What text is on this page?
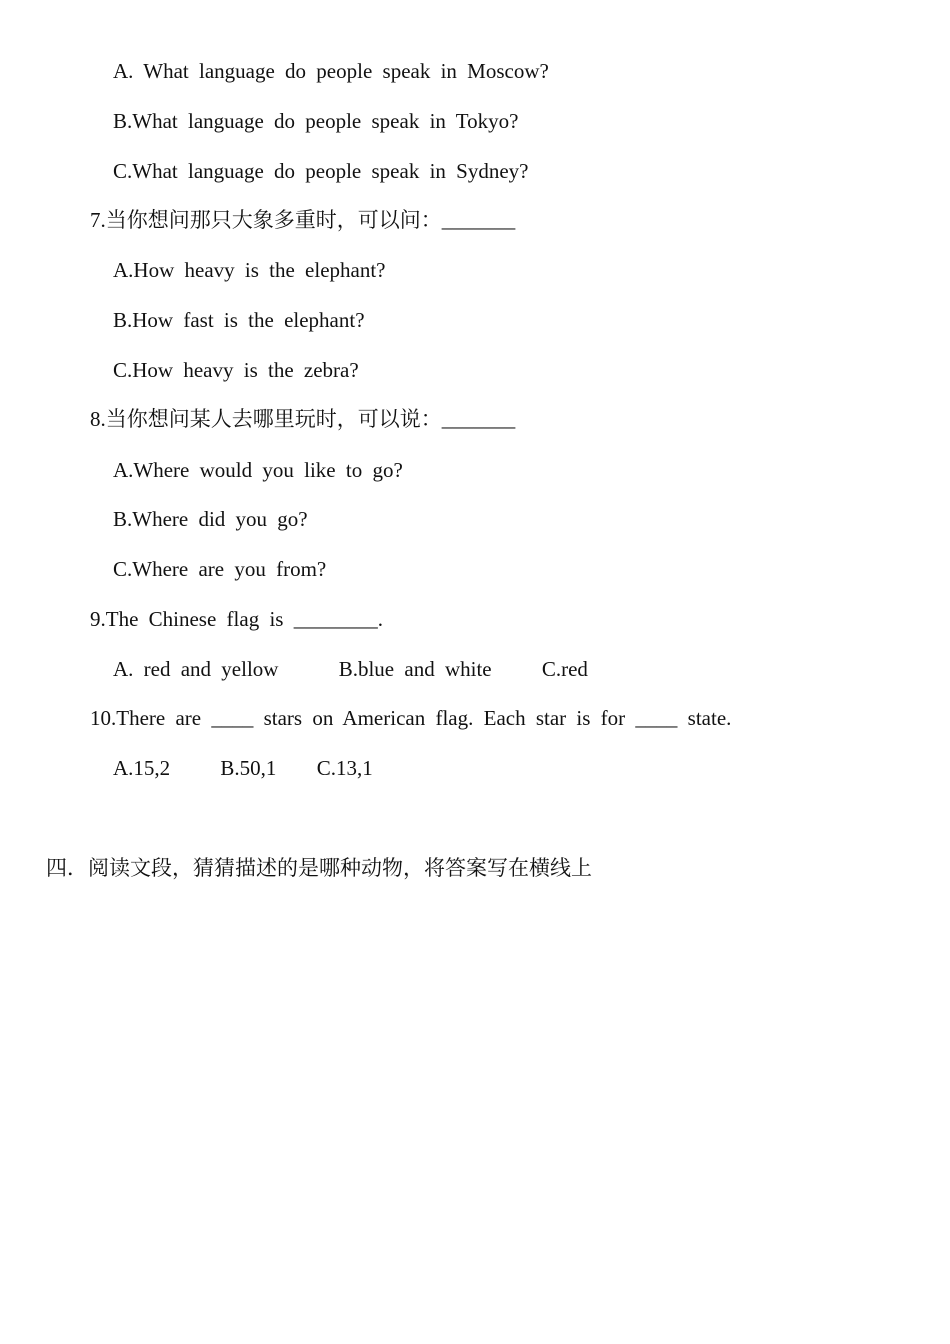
A. What language do people speak in Moscow?
B.What language do people speak in Tokyo?
C.What language do people speak in Sydney?
7.当你想问那只大象多重时，可以问：_______
A.How heavy is the elephant?
B.How fast is the elephant?
C.How heavy is the zebra?
8.当你想问某人去哪里玩时，可以说：_______
A.Where would you like to go?
B.Where did you go?
C.Where are you from?
9.The Chinese flag is ________.
A. red and yellow	B.blue and white C.red
10.There are ____ stars on American flag. Each star is for ____ state.
A.15,2 B.50,1 C.13,1
四．阅读文段，猜猜描述的是哪种动物，将答案写在横线上
